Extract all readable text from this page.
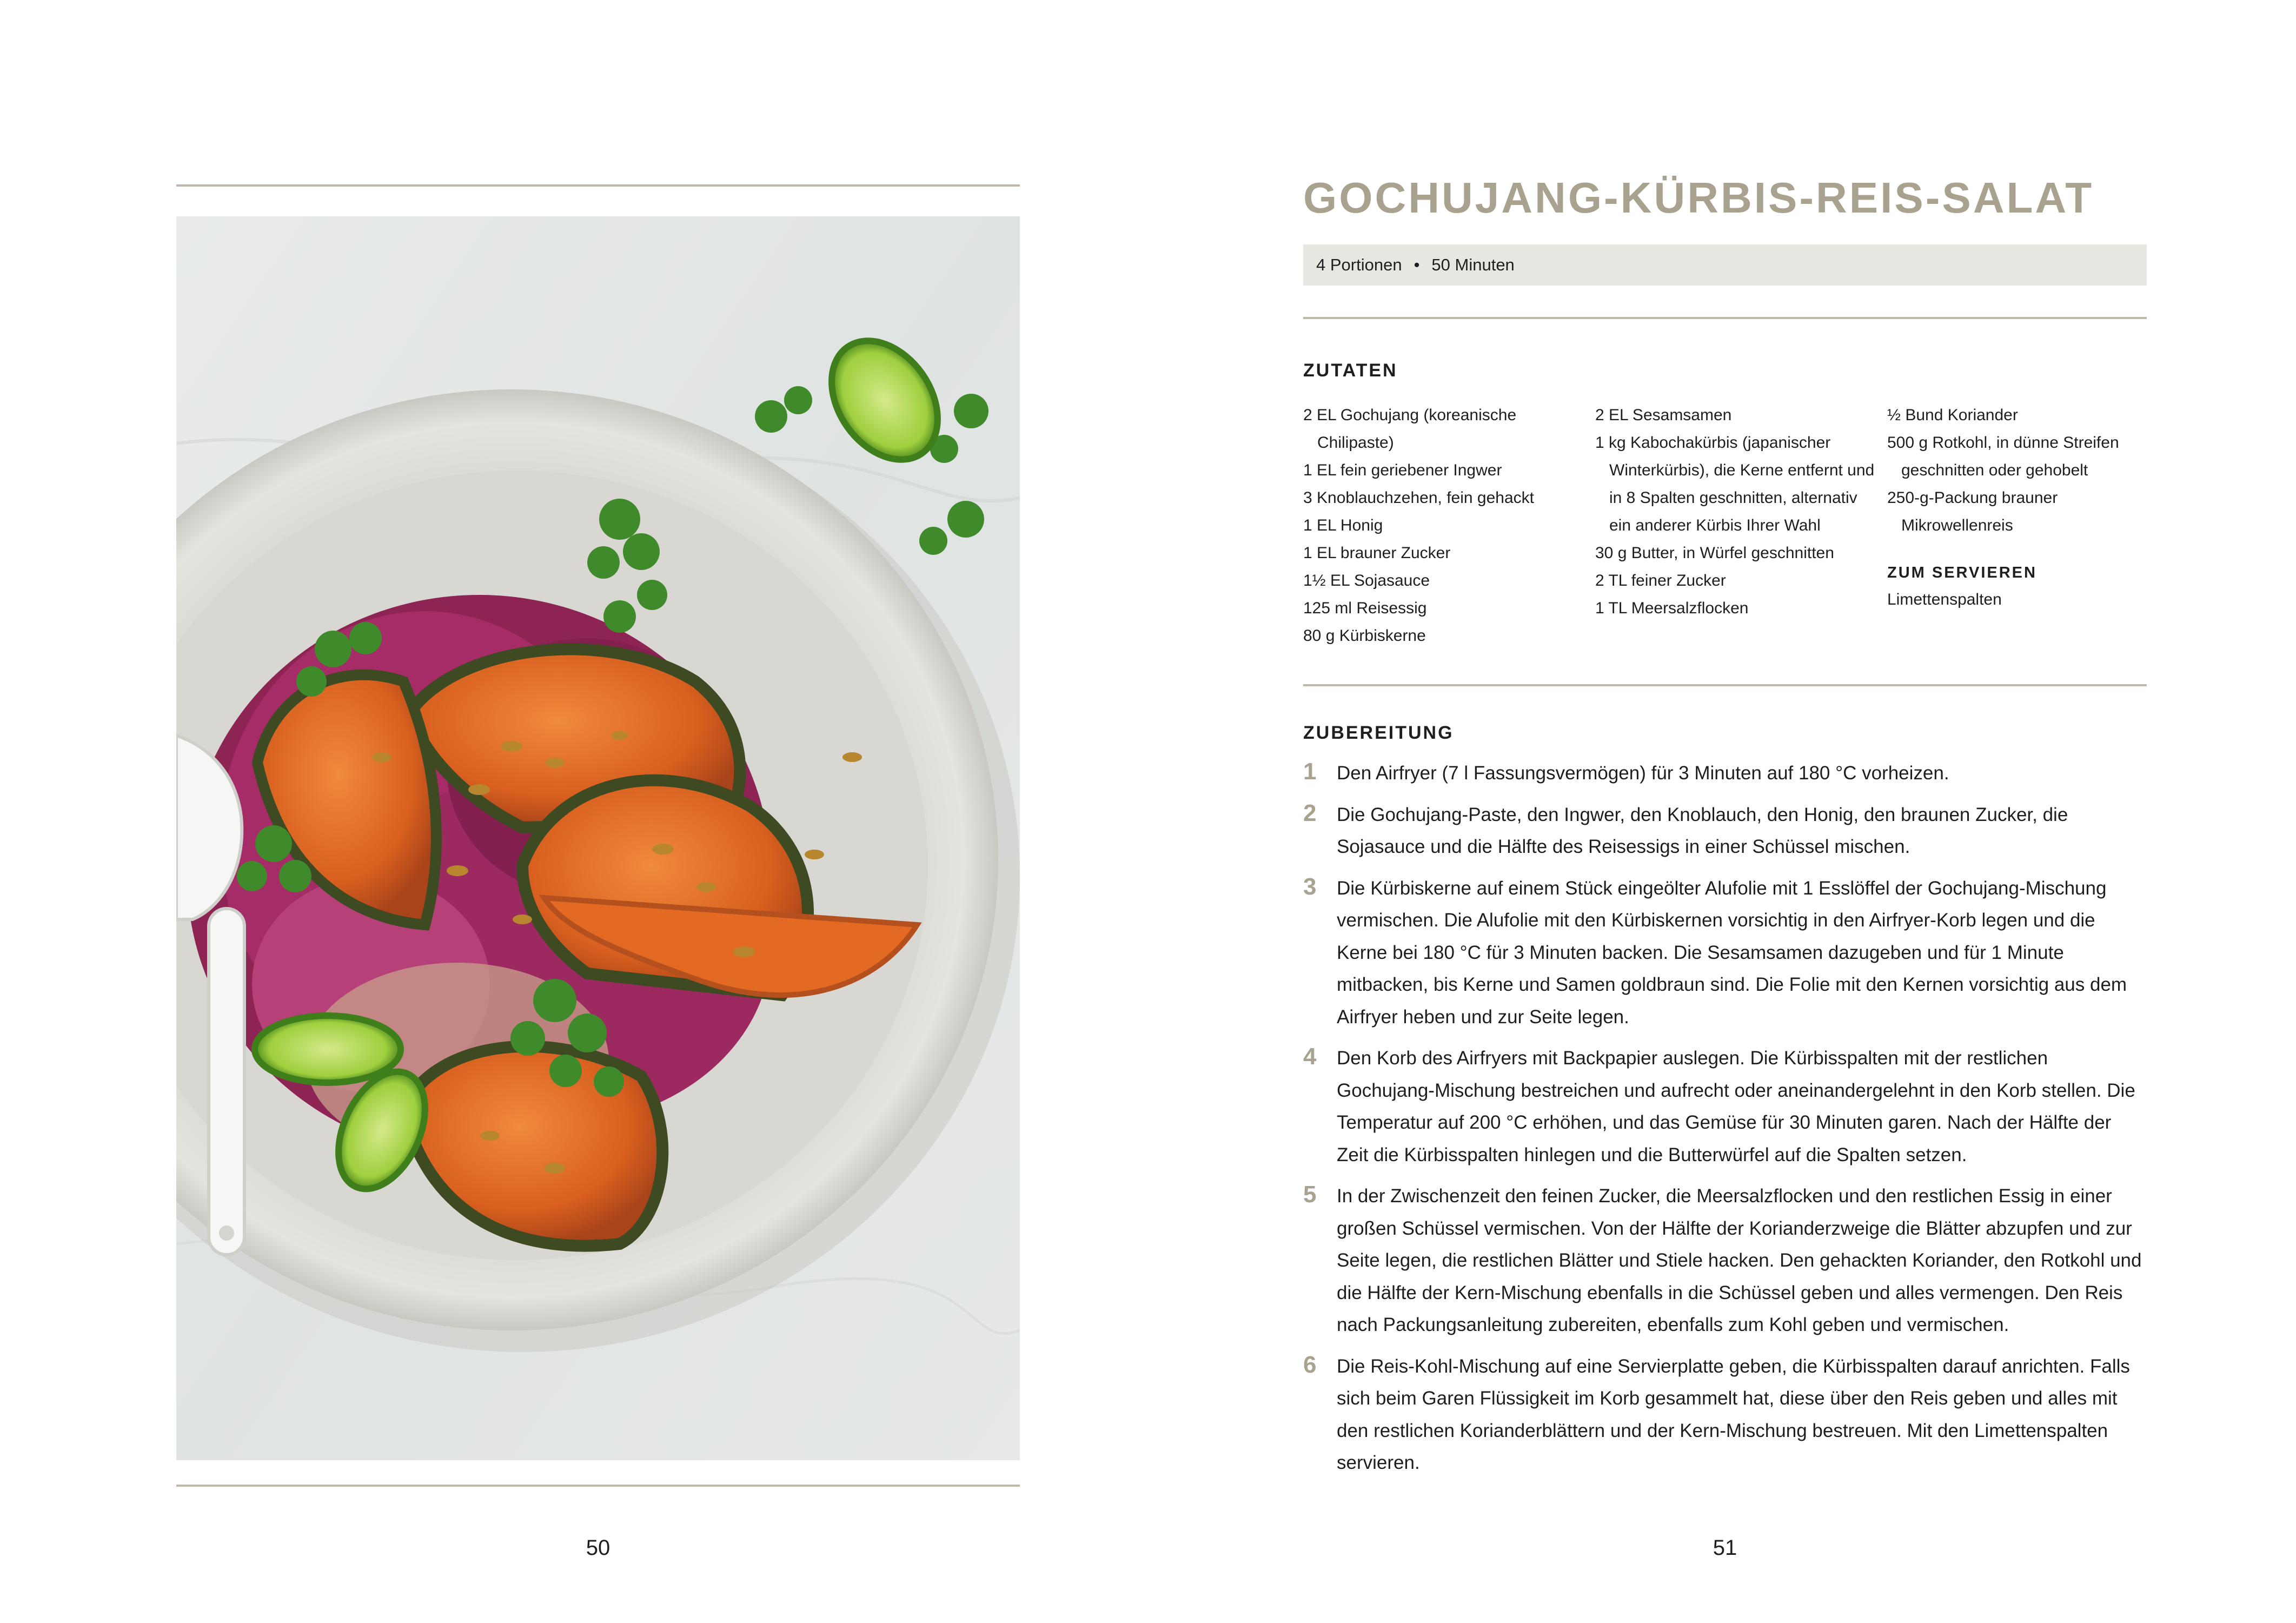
50
GOCHUJANG-KÜRBIS-REIS-SALAT
4 Portionen • 50 Minuten
ZUTATEN
2 EL Gochujang (koreanische Chilipaste)
1 EL fein geriebener Ingwer
3 Knoblauchzehen, fein gehackt
1 EL Honig
1 EL brauner Zucker
1½ EL Sojasauce
125 ml Reisessig
80 g Kürbiskerne
2 EL Sesamsamen
1 kg Kabochakürbis (japanischer Winterkürbis), die Kerne entfernt und in 8 Spalten geschnitten, alternativ ein anderer Kürbis Ihrer Wahl
30 g Butter, in Würfel geschnitten
2 TL feiner Zucker
1 TL Meersalzflocken
½ Bund Koriander
500 g Rotkohl, in dünne Streifen geschnitten oder gehobelt
250-g-Packung brauner Mikrowellenreis
ZUM SERVIEREN
Limettenspalten
ZUBEREITUNG
1 Den Airfryer (7 l Fassungsvermögen) für 3 Minuten auf 180 °C vorheizen.
2 Die Gochujang-Paste, den Ingwer, den Knoblauch, den Honig, den braunen Zucker, die Sojasauce und die Hälfte des Reisessigs in einer Schüssel mischen.
3 Die Kürbiskerne auf einem Stück eingeölter Alufolie mit 1 Esslöffel der Gochujang-Mischung vermischen. Die Alufolie mit den Kürbiskernen vorsichtig in den Airfryer-Korb legen und die Kerne bei 180 °C für 3 Minuten backen. Die Sesamsamen dazugeben und für 1 Minute mitbacken, bis Kerne und Samen goldbraun sind. Die Folie mit den Kernen vorsichtig aus dem Airfryer heben und zur Seite legen.
4 Den Korb des Airfryers mit Backpapier auslegen. Die Kürbisspalten mit der restlichen Gochujang-Mischung bestreichen und aufrecht oder aneinandergelehnt in den Korb stellen. Die Temperatur auf 200 °C erhöhen, und das Gemüse für 30 Minuten garen. Nach der Hälfte der Zeit die Kürbisspalten hinlegen und die Butterwürfel auf die Spalten setzen.
5 In der Zwischenzeit den feinen Zucker, die Meersalzflocken und den restlichen Essig in einer großen Schüssel vermischen. Von der Hälfte der Korianderzweige die Blätter abzupfen und zur Seite legen, die restlichen Blätter und Stiele hacken. Den gehackten Koriander, den Rotkohl und die Hälfte der Kern-Mischung ebenfalls in die Schüssel geben und alles vermengen. Den Reis nach Packungsanleitung zubereiten, ebenfalls zum Kohl geben und vermischen.
6 Die Reis-Kohl-Mischung auf eine Servierplatte geben, die Kürbisspalten darauf anrichten. Falls sich beim Garen Flüssigkeit im Korb gesammelt hat, diese über den Reis geben und alles mit den restlichen Korianderblättern und der Kern-Mischung bestreuen. Mit den Limettenspalten servieren.
51
